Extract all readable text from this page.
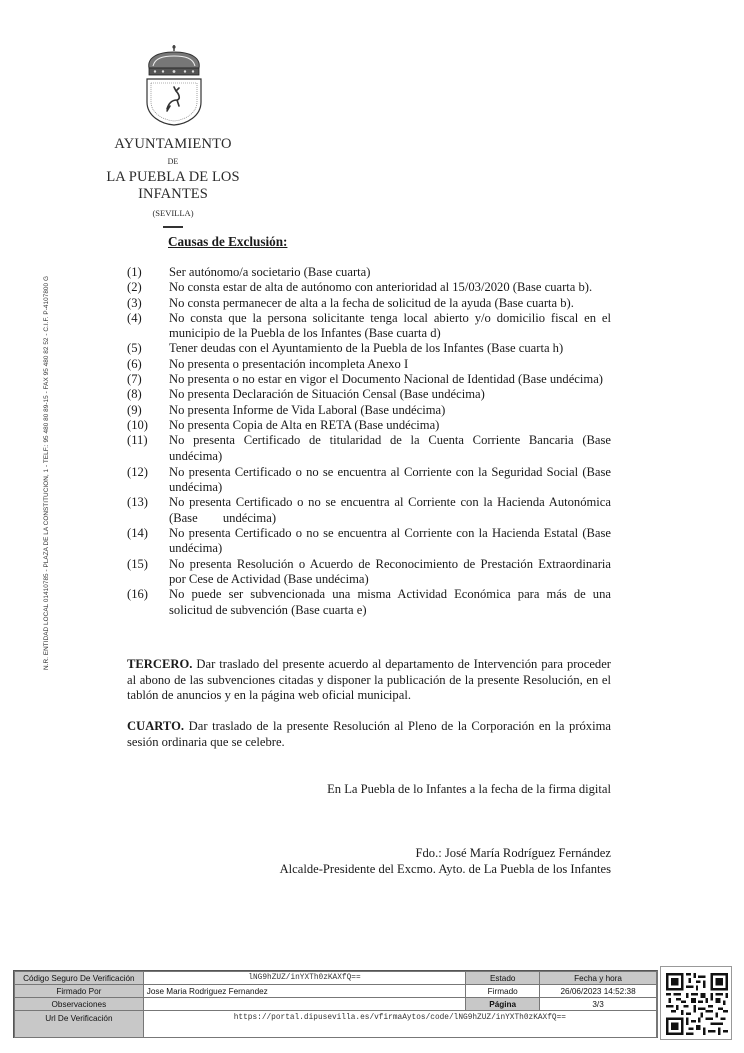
AYUNTAMIENTO
DE
LA PUEBLA DE LOS INFANTES
(SEVILLA)
N.R. ENTIDAD LOCAL 01410785 - PLAZA DE LA CONSTITUCION, 1 - TELF.: 95 480 80 89-15 - FAX 95 480 82 52 - C.I.F. P-4107800 G
Causas de Exclusión:
(1)	Ser autónomo/a societario (Base cuarta)
(2)	No consta estar de alta de autónomo con anterioridad al 15/03/2020 (Base cuarta b).
(3)	No consta permanecer de alta a la fecha de solicitud de la ayuda (Base cuarta b).
(4)	No consta que la persona solicitante tenga local abierto y/o domicilio fiscal en el municipio de la Puebla de los Infantes (Base cuarta d)
(5)	Tener deudas con el Ayuntamiento de la Puebla de los Infantes (Base cuarta h)
(6)	No presenta o presentación incompleta Anexo I
(7)	No presenta o no estar en vigor el Documento Nacional de Identidad (Base undécima)
(8)	No presenta Declaración de Situación Censal (Base undécima)
(9)	No presenta Informe de Vida Laboral (Base undécima)
(10)	No presenta Copia de Alta en RETA (Base undécima)
(11)	No presenta Certificado de titularidad de la Cuenta Corriente Bancaria (Base undécima)
(12)	No presenta Certificado o no se encuentra al Corriente con la Seguridad Social (Base        undécima)
(13)	No presenta Certificado o no se encuentra al Corriente con la Hacienda Autonómica (Base        undécima)
(14)	No presenta Certificado o no se encuentra al Corriente con la Hacienda Estatal (Base        undécima)
(15)	No presenta Resolución o Acuerdo de Reconocimiento de Prestación Extraordinaria por Cese de Actividad (Base undécima)
(16)	No puede ser subvencionada una misma Actividad Económica para más de una solicitud de subvención (Base cuarta e)
TERCERO. Dar traslado del presente acuerdo al departamento de Intervención para proceder al abono de las subvenciones citadas y disponer la publicación de la presente Resolución, en el tablón de anuncios y en la página web oficial municipal.
CUARTO. Dar traslado de la presente Resolución al Pleno de la Corporación en la próxima sesión ordinaria que se celebre.
En La Puebla de lo Infantes a la fecha de la firma digital
Fdo.: José María Rodríguez Fernández
Alcalde-Presidente del Excmo. Ayto. de La Puebla de los Infantes
Código Seguro De Verificación	lNG9hZUZ/inYXTh0zKAXfQ==	Estado	Fecha y hora
Firmado Por	Jose Maria Rodriguez Fernandez	Firmado	26/06/2023 14:52:38
Observaciones		Página	3/3
Url De Verificación	https://portal.dipusevilla.es/vfirmaAytos/code/lNG9hZUZ/inYXTh0zKAXfQ==		
